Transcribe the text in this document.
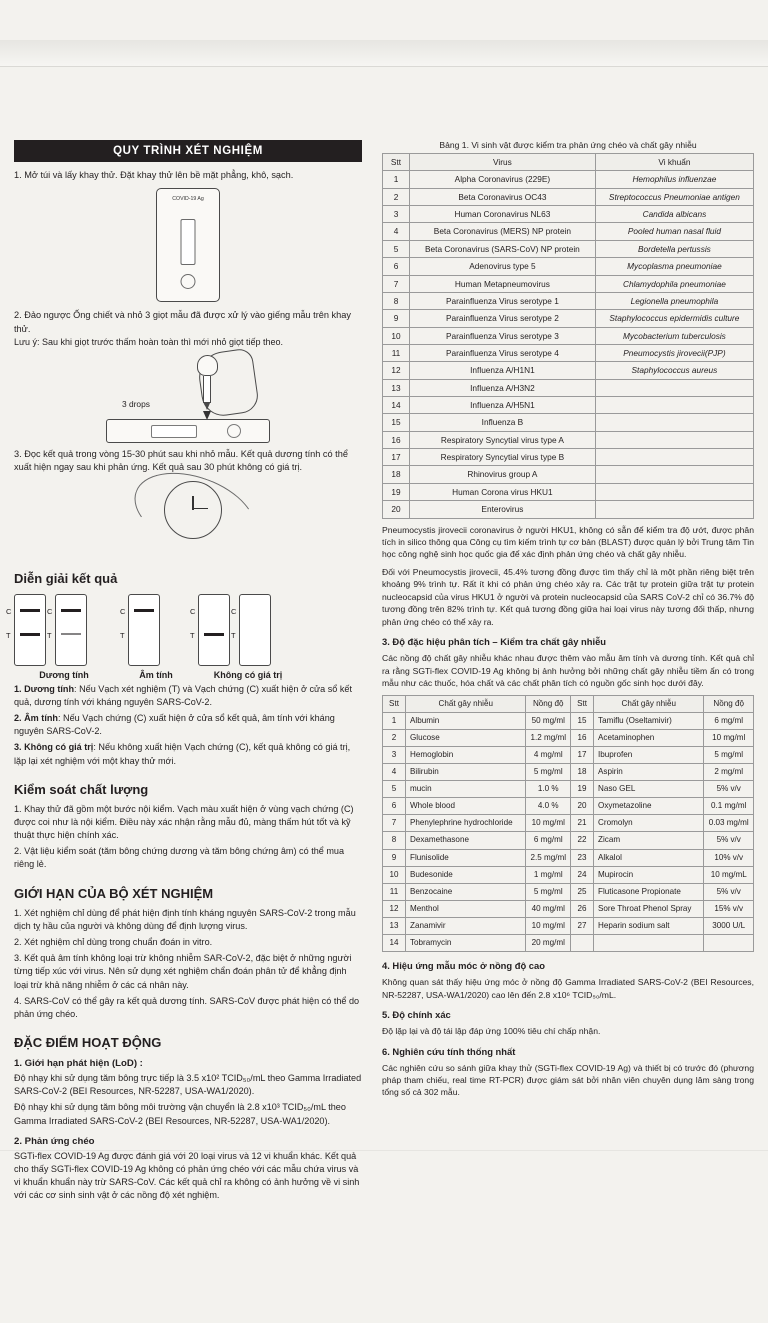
QUY TRÌNH XÉT NGHIỆM
1. Mở túi và lấy khay thử. Đặt khay thử lên bề mặt phẳng, khô, sạch.
COVID-19 Ag
2. Đảo ngược Ống chiết và nhỏ 3 giọt mẫu đã được xử lý vào giếng mẫu trên khay thử.
Lưu ý: Sau khi giọt trước thấm hoàn toàn thì mới nhỏ giọt tiếp theo.
3 drops
3. Đọc kết quả trong vòng 15-30 phút sau khi nhỏ mẫu. Kết quả dương tính có thể xuất hiện ngay sau khi phản ứng. Kết quả sau 30 phút không có giá trị.
Diễn giải kết quả
C
T
C
T
Dương tính
C
T
Âm tính
C
T
C
T
Không có giá trị

1. Dương tính: Nếu Vạch xét nghiệm (T) và Vạch chứng (C) xuất hiện ở cửa sổ kết quả, dương tính với kháng nguyên SARS-CoV-2.

2. Âm tính: Nếu Vạch chứng (C) xuất hiện ở cửa sổ kết quả, âm tính với kháng nguyên SARS-CoV-2.

3. Không có giá trị: Nếu không xuất hiện Vạch chứng (C), kết quả không có giá trị, lặp lại xét nghiệm với một khay thử mới.

Kiểm soát chất lượng

1. Khay thử đã gồm một bước nội kiểm. Vạch màu xuất hiện ở vùng vạch chứng (C) được coi như là nội kiểm. Điều này xác nhận rằng mẫu đủ, màng thấm hút tốt và kỹ thuật thực hiện chính xác.

2. Vật liệu kiểm soát (tăm bông chứng dương và tăm bông chứng âm) có thể mua riêng lẻ.

GIỚI HẠN CỦA BỘ XÉT NGHIỆM

1. Xét nghiệm chỉ dùng để phát hiện định tính kháng nguyên SARS-CoV-2 trong mẫu dịch tỵ hầu của người và không dùng để định lượng virus.

2. Xét nghiệm chỉ dùng trong chuẩn đoán in vitro.

3. Kết quả âm tính không loại trừ không nhiễm SAR-CoV-2, đặc biệt ở những người từng tiếp xúc với virus. Nên sử dụng xét nghiệm chẩn đoán phân tử để khẳng định loại trừ khả năng nhiễm ở các cá nhân này.

4. SARS-CoV có thể gây ra kết quả dương tính. SARS-CoV được phát hiện có thể do phản ứng chéo.

ĐẶC ĐIỂM HOẠT ĐỘNG
1. Giới hạn phát hiện (LoD) :

Độ nhạy khi sử dụng tăm bông trực tiếp là 3.5 x10² TCID₅₀/mL theo Gamma Irradiated SARS-CoV-2 (BEI Resources, NR-52287, USA-WA1/2020).

Độ nhạy khi sử dụng tăm bông môi trường vận chuyển là 2.8 x10³ TCID₅₀/mL theo Gamma Irradiated SARS-CoV-2 (BEI Resources, NR-52287, USA-WA1/2020).

2. Phản ứng chéo

SGTi-flex COVID-19 Ag được đánh giá với 20 loại virus và 12 vi khuẩn khác. Kết quả cho thấy SGTi-flex COVID-19 Ag không có phản ứng chéo với các mẫu chứa virus và vi khuẩn khuẩn này trừ SARS-CoV. Các kết quả chỉ ra không có ảnh hưởng về vi sinh với các cơ sinh sinh vật ở các nồng độ xét nghiệm.

Bảng 1. Vi sinh vật được kiểm tra phản ứng chéo và chất gây nhiễu
Stt	Virus	Vi khuẩn
1	Alpha Coronavirus (229E)	Hemophilus influenzae
2	Beta Coronavirus OC43	Streptococcus Pneumoniae antigen
3	Human Coronavirus NL63	Candida albicans
4	Beta Coronavirus (MERS) NP protein	Pooled human nasal fluid
5	Beta Coronavirus (SARS-CoV) NP protein	Bordetella pertussis
6	Adenovirus type 5	Mycoplasma pneumoniae
7	Human Metapneumovirus	Chlamydophila pneumoniae
8	Parainfluenza Virus serotype 1	Legionella pneumophila
9	Parainfluenza Virus serotype 2	Staphylococcus epidermidis culture
10	Parainfluenza Virus serotype 3	Mycobacterium tuberculosis
11	Parainfluenza Virus serotype 4	Pneumocystis jirovecii(PJP)
12	Influenza A/H1N1	Staphylococcus aureus
13	Influenza A/H3N2	
14	Influenza A/H5N1	
15	Influenza B	
16	Respiratory Syncytial virus type A	
17	Respiratory Syncytial virus type B	
18	Rhinovirus group A	
19	Human Corona virus HKU1	
20	Enterovirus	

Pneumocystis jirovecii coronavirus ở người HKU1, không có sẵn để kiểm tra độ ướt, được phân tích in silico thông qua Công cụ tìm kiếm trình tự cơ bản (BLAST) được quản lý bởi Trung tâm Tin học công nghệ sinh học quốc gia để xác định phản ứng chéo và chất gây nhiễu.

Đối với Pneumocystis jirovecii, 45.4% tương đồng được tìm thấy chỉ là một phần riêng biệt trên khoảng 9% trình tự. Rất ít khi có phản ứng chéo xảy ra. Các trật tự protein giữa trật tự protein nucleocapsid của virus HKU1 ở người và protein nucleocapsid của SARS CoV-2 chỉ có 36.7% độ tương đồng trên 82% trình tự. Kết quả tương đồng giữa hai loại virus này tương đối thấp, nhưng phản ứng chéo có thể xảy ra.

3. Độ đặc hiệu phân tích – Kiểm tra chất gây nhiễu

Các nồng độ chất gây nhiễu khác nhau được thêm vào mẫu âm tính và dương tính. Kết quả chỉ ra rằng SGTi-flex COVID-19 Ag không bị ảnh hưởng bởi những chất gây nhiễu tiềm ẩn có trong mẫu như các thuốc, hóa chất và các chất phân tích có nguồn gốc sinh học dưới đây.

Stt	Chất gây nhiễu	Nồng độ	Stt	Chất gây nhiễu	Nồng độ
1	Albumin	50 mg/ml	15	Tamiflu (Oseltamivir)	6 mg/ml
2	Glucose	1.2 mg/ml	16	Acetaminophen	10 mg/ml
3	Hemoglobin	4 mg/ml	17	Ibuprofen	5 mg/ml
4	Bilirubin	5 mg/ml	18	Aspirin	2 mg/ml
5	mucin	1.0 %	19	Naso GEL	5% v/v
6	Whole blood	4.0 %	20	Oxymetazoline	0.1 mg/ml
7	Phenylephrine hydrochloride	10 mg/ml	21	Cromolyn	0.03 mg/ml
8	Dexamethasone	6 mg/ml	22	Zicam	5% v/v
9	Flunisolide	2.5 mg/ml	23	Alkalol	10% v/v
10	Budesonide	1 mg/ml	24	Mupirocin	10 mg/mL
11	Benzocaine	5 mg/ml	25	Fluticasone Propionate	5% v/v
12	Menthol	40 mg/ml	26	Sore Throat Phenol Spray	15% v/v
13	Zanamivir	10 mg/ml	27	Heparin sodium salt	3000 U/L
14	Tobramycin	20 mg/ml			
4. Hiệu ứng mẫu móc ở nồng độ cao

Không quan sát thấy hiệu ứng móc ở nồng độ Gamma Irradiated SARS-CoV-2 (BEI Resources, NR-52287, USA-WA1/2020) cao lên đến 2.8 x10⁶ TCID₅₀/mL.

5. Độ chính xác

Độ lặp lại và độ tái lập đáp ứng 100% tiêu chí chấp nhận.

6. Nghiên cứu tính thống nhất

Các nghiên cứu so sánh giữa khay thử (SGTi-flex COVID-19 Ag) và thiết bị có trước đó (phương pháp tham chiếu, real time RT-PCR) được giám sát bởi nhân viên chuyên dụng lâm sàng trong tổng số cả 302 mẫu.
